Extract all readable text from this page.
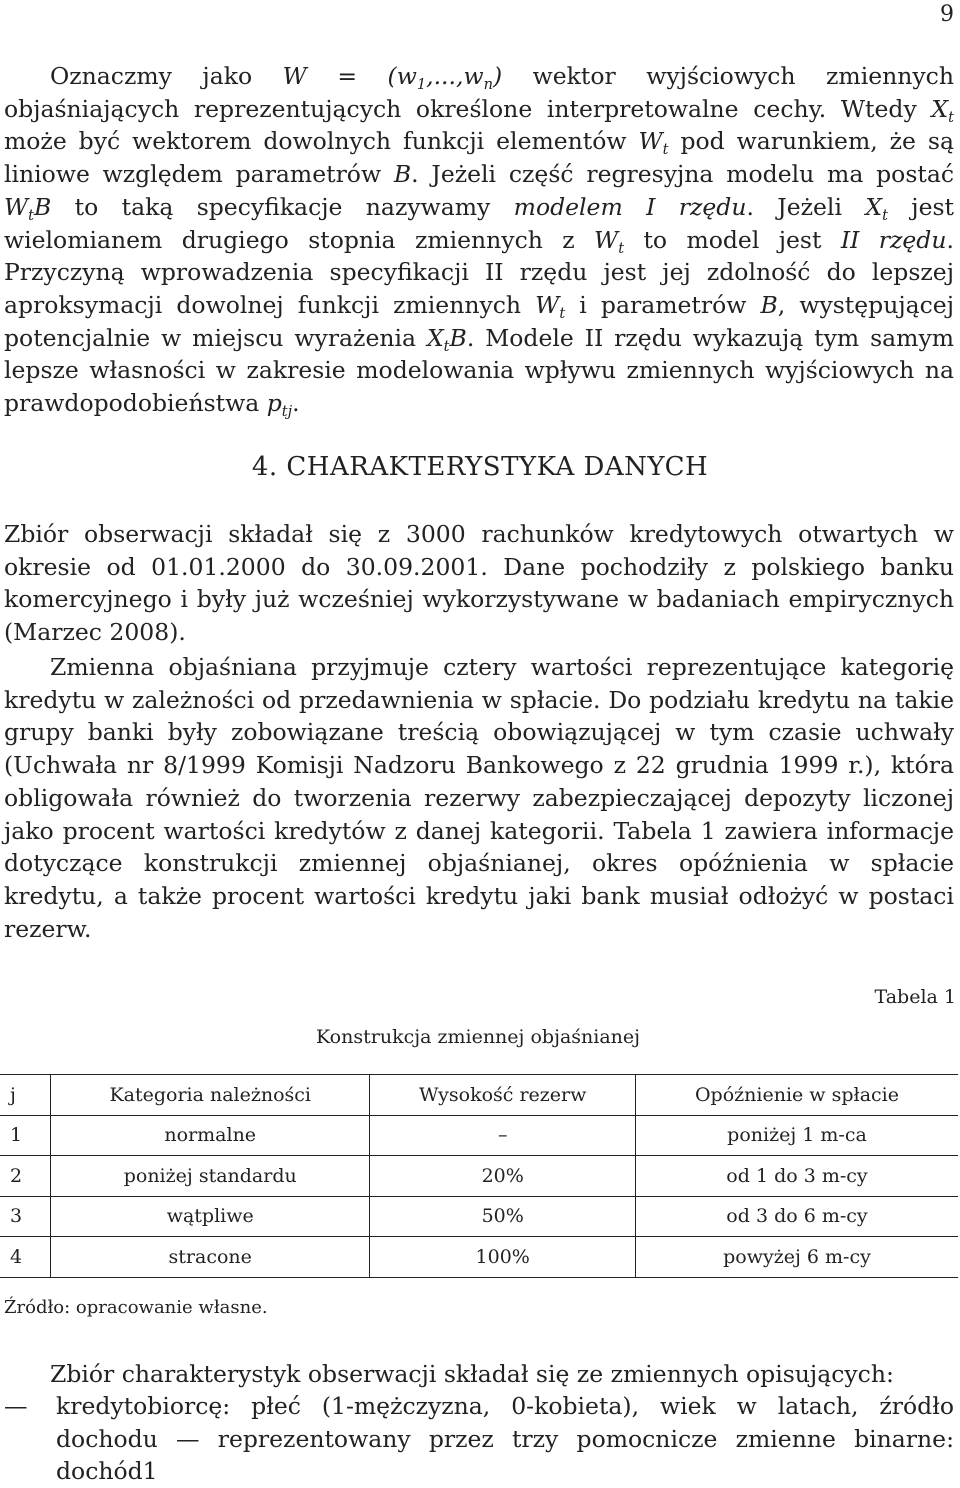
9

Oznaczmy jako $W = (w_1,...,w_n)$ wektor wyjściowych zmiennych objaśniających reprezentujących określone interpretowalne cechy. Wtedy $X_t$ może być wektorem dowolnych funkcji elementów $W_t$ pod warunkiem, że są liniowe względem parametrów B. Jeżeli część regresyjna modelu ma postać $W_tB$ to taką specyfikacje nazywamy modelem I rzędu. Jeżeli $X_t$ jest wielomianem drugiego stopnia zmiennych z $W_t$ to model jest II rzędu. Przyczyną wprowadzenia specyfikacji II rzędu jest jej zdolność do lepszej aproksymacji dowolnej funkcji zmiennych $W_t$ i parametrów B, występującej potencjalnie w miejscu wyrażenia $X_tB$. Modele II rzędu wykazują tym samym lepsze własności w zakresie modelowania wpływu zmiennych wyjściowych na prawdopodobieństwa $p_{tj}$.

4. CHARAKTERYSTYKA DANYCH

Zbiór obserwacji składał się z 3000 rachunków kredytowych otwartych w okresie od 01.01.2000 do 30.09.2001. Dane pochodziły z polskiego banku komercyjnego i były już wcześniej wykorzystywane w badaniach empirycznych (Marzec 2008).

Zmienna objaśniana przyjmuje cztery wartości reprezentujące kategorię kredytu w zależności od przedawnienia w spłacie. Do podziału kredytu na takie grupy banki były zobowiązane treścią obowiązującej w tym czasie uchwały (Uchwała nr 8/1999 Komisji Nadzoru Bankowego z 22 grudnia 1999 r.), która obligowała również do tworzenia rezerwy zabezpieczającej depozyty liczonej jako procent wartości kredytów z danej kategorii. Tabela 1 zawiera informacje dotyczące konstrukcji zmiennej objaśnianej, okres opóźnienia w spłacie kredytu, a także procent wartości kredytu jaki bank musiał odłożyć w postaci rezerw.

Tabela 1
Konstrukcja zmiennej objaśnianej
j	Kategoria należności	Wysokość rezerw	Opóźnienie w spłacie
1	normalne	–	poniżej 1 m-ca
2	poniżej standardu	20%	od 1 do 3 m-cy
3	wątpliwe	50%	od 3 do 6 m-cy
4	stracone	100%	powyżej 6 m-cy
Źródło: opracowanie własne.

Zbiór charakterystyk obserwacji składał się ze zmiennych opisujących:

— kredytobiorcę: płeć (1-mężczyzna, 0-kobieta), wiek w latach, źródło dochodu — reprezentowany przez trzy pomocnicze zmienne binarne: dochód1
